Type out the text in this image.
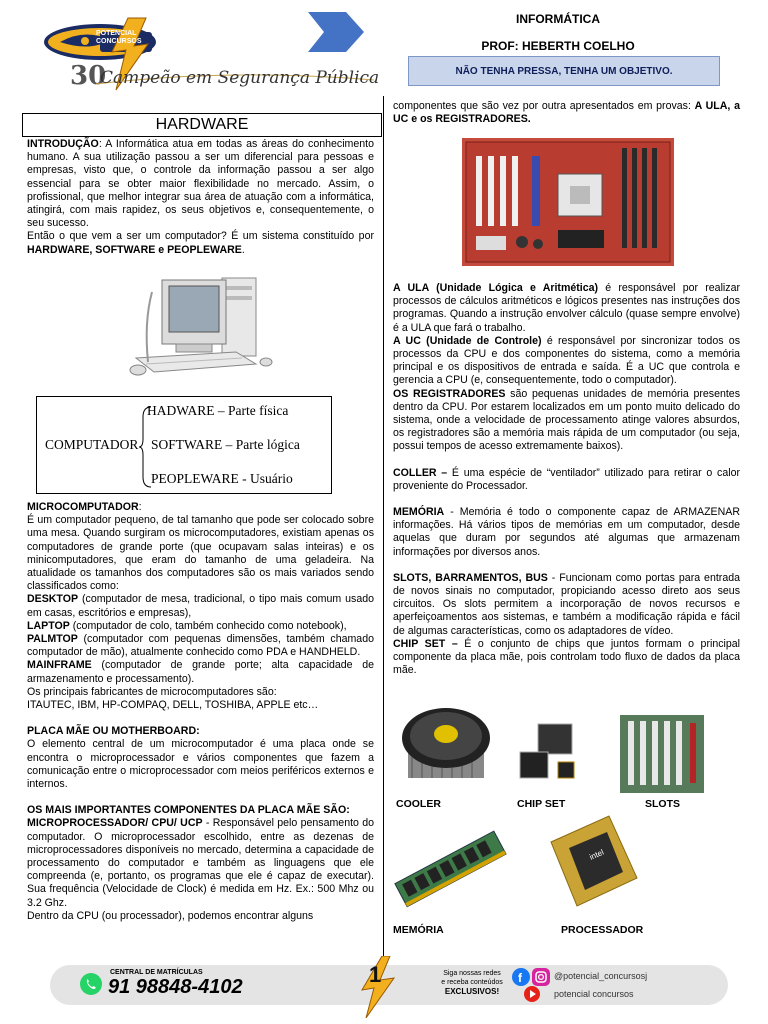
30
POTENCIAL CONCURSOS
Campeão em Segurança Pública
INFORMÁTICA
PROF: HEBERTH COELHO
NÃO TENHA PRESSA, TENHA UM OBJETIVO.
HARDWARE

INTRODUÇÃO: A Informática atua em todas as áreas do conhecimento humano. A sua utilização passou a ser um diferencial para pessoas e empresas, visto que, o controle da informação passou a ser algo essencial para se obter maior flexibilidade no mercado. Assim, o profissional, que melhor integrar sua área de atuação com a informática, atingirá, com mais rapidez, os seus objetivos e, consequentemente, o seu sucesso.

Então o que vem a ser um computador? É um sistema constituído por HARDWARE, SOFTWARE e PEOPLEWARE.

COMPUTADOR
HADWARE – Parte física
SOFTWARE – Parte lógica
PEOPLEWARE - Usuário

MICROCOMPUTADOR:

É um computador pequeno, de tal tamanho que pode ser colocado sobre uma mesa. Quando surgiram os microcomputadores, existiam apenas os computadores de grande porte (que ocupavam salas inteiras) e os minicomputadores, que eram do tamanho de uma geladeira. Na atualidade os tamanhos dos computadores são os mais variados sendo classificados como:

DESKTOP (computador de mesa, tradicional, o tipo mais comum usado em casas, escritórios e empresas),

LAPTOP (computador de colo, também conhecido como notebook),

PALMTOP (computador com pequenas dimensões, também chamado computador de mão), atualmente conhecido como PDA e HANDHELD.

MAINFRAME (computador de grande porte; alta capacidade de armazenamento e processamento).

Os principais fabricantes de microcomputadores são:

ITAUTEC, IBM, HP-COMPAQ, DELL, TOSHIBA, APPLE etc…

PLACA MÃE OU MOTHERBOARD:

O elemento central de um microcomputador é uma placa onde se encontra o microprocessador e vários componentes que fazem a comunicação entre o microprocessador com meios periféricos externos e internos.

OS MAIS IMPORTANTES COMPONENTES DA PLACA MÃE SÃO:

MICROPROCESSADOR/ CPU/ UCP - Responsável pelo pensamento do computador. O microprocessador escolhido, entre as dezenas de microprocessadores disponíveis no mercado, determina a capacidade de processamento do computador e também as linguagens que ele compreenda (e, portanto, os programas que ele é capaz de executar). Sua frequência (Velocidade de Clock) é medida em Hz. Ex.: 500 Mhz ou 3.2 Ghz.

Dentro da CPU (ou processador), podemos encontrar alguns

componentes que são vez por outra apresentados em provas: A ULA, a UC e os REGISTRADORES.

A ULA (Unidade Lógica e Aritmética) é responsável por realizar processos de cálculos aritméticos e lógicos presentes nas instruções dos programas. Quando a instrução envolver cálculo (quase sempre envolve) é a ULA que fará o trabalho.

A UC (Unidade de Controle) é responsável por sincronizar todos os processos da CPU e dos componentes do sistema, como a memória principal e os dispositivos de entrada e saída. É a UC que controla e gerencia a CPU (e, consequentemente, todo o computador).

OS REGISTRADORES são pequenas unidades de memória presentes dentro da CPU. Por estarem localizados em um ponto muito delicado do sistema, onde a velocidade de processamento atinge valores absurdos, os registradores são a memória mais rápida de um computador (ou seja, possui tempos de acesso extremamente baixos).

COLLER – É uma espécie de “ventilador” utilizado para retirar o calor proveniente do Processador.

MEMÓRIA - Memória é todo o componente capaz de ARMAZENAR informações. Há vários tipos de memórias em um computador, desde aquelas que duram por segundos até algumas que armazenam informações por diversos anos.

SLOTS, BARRAMENTOS, BUS - Funcionam como portas para entrada de novos sinais no computador, propiciando acesso direto aos seus circuitos. Os slots permitem a incorporação de novos recursos e aperfeiçoamentos aos sistemas, e também a modificação rápida e fácil de algumas características, como os adaptadores de vídeo.

CHIP SET – É o conjunto de chips que juntos formam o principal componente da placa mãe, pois controlam todo fluxo de dados da placa mãe.

COOLER	CHIP SET	SLOTS
intel
MEMÓRIA	PROCESSADOR
CENTRAL DE MATRÍCULAS
91 98848-4102	1	Siga nossas redes
e receba conteúdos
EXCLUSIVOS!
f	@potencial_concursosj
potencial concursos
